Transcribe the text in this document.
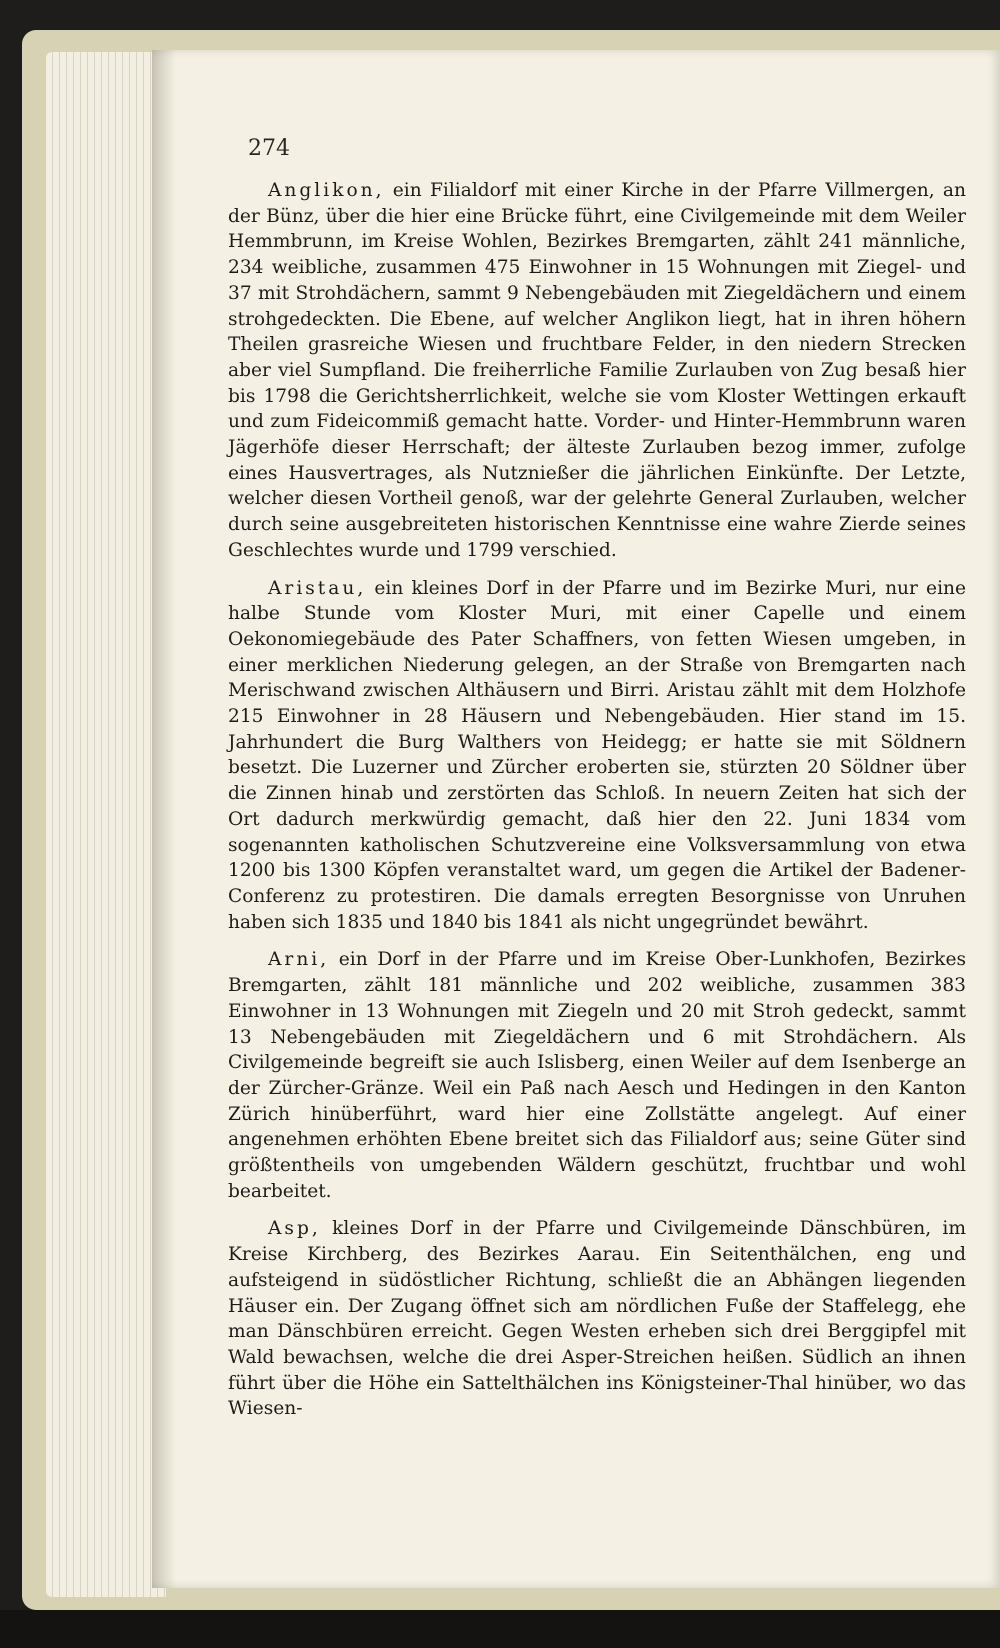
274

Anglikon, ein Filialdorf mit einer Kirche in der Pfarre Villmergen, an der Bünz, über die hier eine Brücke führt, eine Civilgemeinde mit dem Weiler Hemmbrunn, im Kreise Wohlen, Bezirkes Bremgarten, zählt 241 männliche, 234 weibliche, zusammen 475 Einwohner in 15 Wohnungen mit Ziegel- und 37 mit Strohdächern, sammt 9 Nebengebäuden mit Ziegeldächern und einem strohgedeckten. Die Ebene, auf welcher Anglikon liegt, hat in ihren höhern Theilen grasreiche Wiesen und fruchtbare Felder, in den niedern Strecken aber viel Sumpfland. Die freiherrliche Familie Zurlauben von Zug besaß hier bis 1798 die Gerichtsherrlichkeit, welche sie vom Kloster Wettingen erkauft und zum Fideicommiß gemacht hatte. Vorder- und Hinter-Hemmbrunn waren Jägerhöfe dieser Herrschaft; der älteste Zurlauben bezog immer, zufolge eines Hausvertrages, als Nutznießer die jährlichen Einkünfte. Der Letzte, welcher diesen Vortheil genoß, war der gelehrte General Zurlauben, welcher durch seine ausgebreiteten historischen Kenntnisse eine wahre Zierde seines Geschlechtes wurde und 1799 verschied.

Aristau, ein kleines Dorf in der Pfarre und im Bezirke Muri, nur eine halbe Stunde vom Kloster Muri, mit einer Capelle und einem Oekonomiegebäude des Pater Schaffners, von fetten Wiesen umgeben, in einer merklichen Niederung gelegen, an der Straße von Bremgarten nach Merischwand zwischen Althäusern und Birri. Aristau zählt mit dem Holzhofe 215 Einwohner in 28 Häusern und Nebengebäuden. Hier stand im 15. Jahrhundert die Burg Walthers von Heidegg; er hatte sie mit Söldnern besetzt. Die Luzerner und Zürcher eroberten sie, stürzten 20 Söldner über die Zinnen hinab und zerstörten das Schloß. In neuern Zeiten hat sich der Ort dadurch merkwürdig gemacht, daß hier den 22. Juni 1834 vom sogenannten katholischen Schutzvereine eine Volksversammlung von etwa 1200 bis 1300 Köpfen veranstaltet ward, um gegen die Artikel der Badener-Conferenz zu protestiren. Die damals erregten Besorgnisse von Unruhen haben sich 1835 und 1840 bis 1841 als nicht ungegründet bewährt.

Arni, ein Dorf in der Pfarre und im Kreise Ober-Lunkhofen, Bezirkes Bremgarten, zählt 181 männliche und 202 weibliche, zusammen 383 Einwohner in 13 Wohnungen mit Ziegeln und 20 mit Stroh gedeckt, sammt 13 Nebengebäuden mit Ziegeldächern und 6 mit Strohdächern. Als Civilgemeinde begreift sie auch Islisberg, einen Weiler auf dem Isenberge an der Zürcher-Gränze. Weil ein Paß nach Aesch und Hedingen in den Kanton Zürich hinüberführt, ward hier eine Zollstätte angelegt. Auf einer angenehmen erhöhten Ebene breitet sich das Filialdorf aus; seine Güter sind größtentheils von umgebenden Wäldern geschützt, fruchtbar und wohl bearbeitet.

Asp, kleines Dorf in der Pfarre und Civilgemeinde Dänschbüren, im Kreise Kirchberg, des Bezirkes Aarau. Ein Seitenthälchen, eng und aufsteigend in südöstlicher Richtung, schließt die an Abhängen liegenden Häuser ein. Der Zugang öffnet sich am nördlichen Fuße der Staffelegg, ehe man Dänschbüren erreicht. Gegen Westen erheben sich drei Berggipfel mit Wald bewachsen, welche die drei Asper-Streichen heißen. Südlich an ihnen führt über die Höhe ein Sattelthälchen ins Königsteiner-Thal hinüber, wo das Wiesen-
